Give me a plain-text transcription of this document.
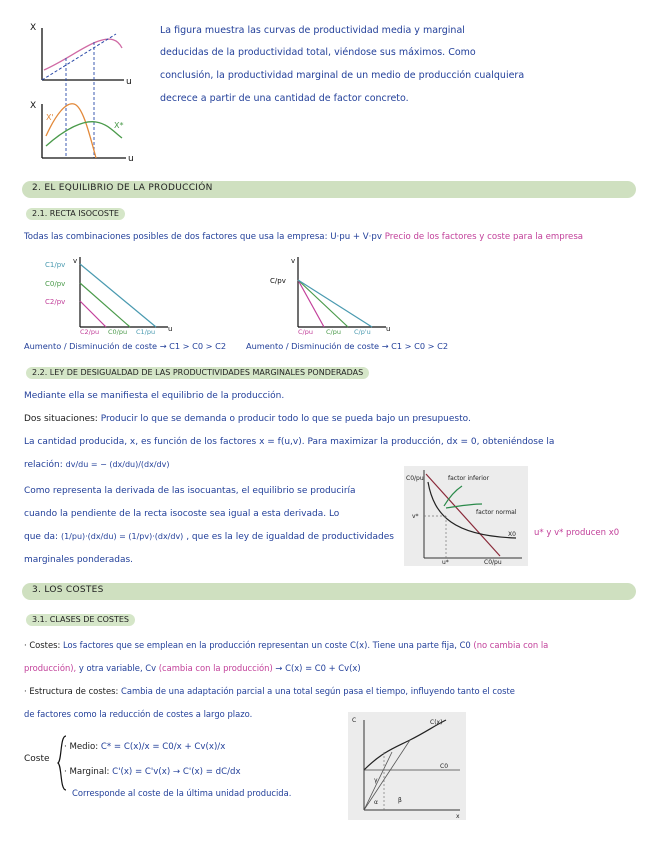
X
u
X
u
X'
X*
La figura muestra las curvas de productividad media y marginal
deducidas de la productividad total, viéndose sus máximos. Como
conclusión, la productividad marginal de un medio de producción cualquiera
decrece a partir de una cantidad de factor concreto.
2. EL EQUILIBRIO DE LA PRODUCCIÓN
2.1. RECTA ISOCOSTE
Todas las combinaciones posibles de dos factores que usa la empresa: U·pu + V·pv Precio de los factores y coste para la empresa
v
C1/pv
C0/pv
C2/pv
C2/pu C0/pu C1/pu u
Aumento / Disminución de coste → C1 > C0 > C2
v
C/pv
C/pu C/pu C/p'u u
Aumento / Disminución de coste → C1 > C0 > C2
2.2. LEY DE DESIGUALDAD DE LAS PRODUCTIVIDADES MARGINALES PONDERADAS
Mediante ella se manifiesta el equilibrio de la producción.
Dos situaciones: Producir lo que se demanda o producir todo lo que se pueda bajo un presupuesto.
La cantidad producida, x, es función de los factores x = f(u,v). Para maximizar la producción, dx = 0, obteniéndose la
relación: dv/du = − (dx/du)/(dx/dv)
Como representa la derivada de las isocuantas, el equilibrio se produciría
cuando la pendiente de la recta isocoste sea igual a esta derivada. Lo
que da: (1/pu)·(dx/du) = (1/pv)·(dx/dv) , que es la ley de igualdad de productividades
marginales ponderadas.
C0/pu	factor inferior
factor normal
v*
u*
X0
C0/pu
u* y v* producen x0
3. LOS COSTES
3.1. CLASES DE COSTES
· Costes: Los factores que se emplean en la producción representan un coste C(x). Tiene una parte fija, C0 (no cambia con la
producción), y otra variable, Cv (cambia con la producción) → C(x) = C0 + Cv(x)
· Estructura de costes: Cambia de una adaptación parcial a una total según pasa el tiempo, influyendo tanto el coste
de factores como la reducción de costes a largo plazo.
Coste
· Medio: C* = C(x)/x = C0/x + Cv(x)/x
· Marginal: C'(x) = C'v(x) → C'(x) = dC/dx
Corresponde al coste de la última unidad producida.
C	C(x)
C0
x
β
α
γ
